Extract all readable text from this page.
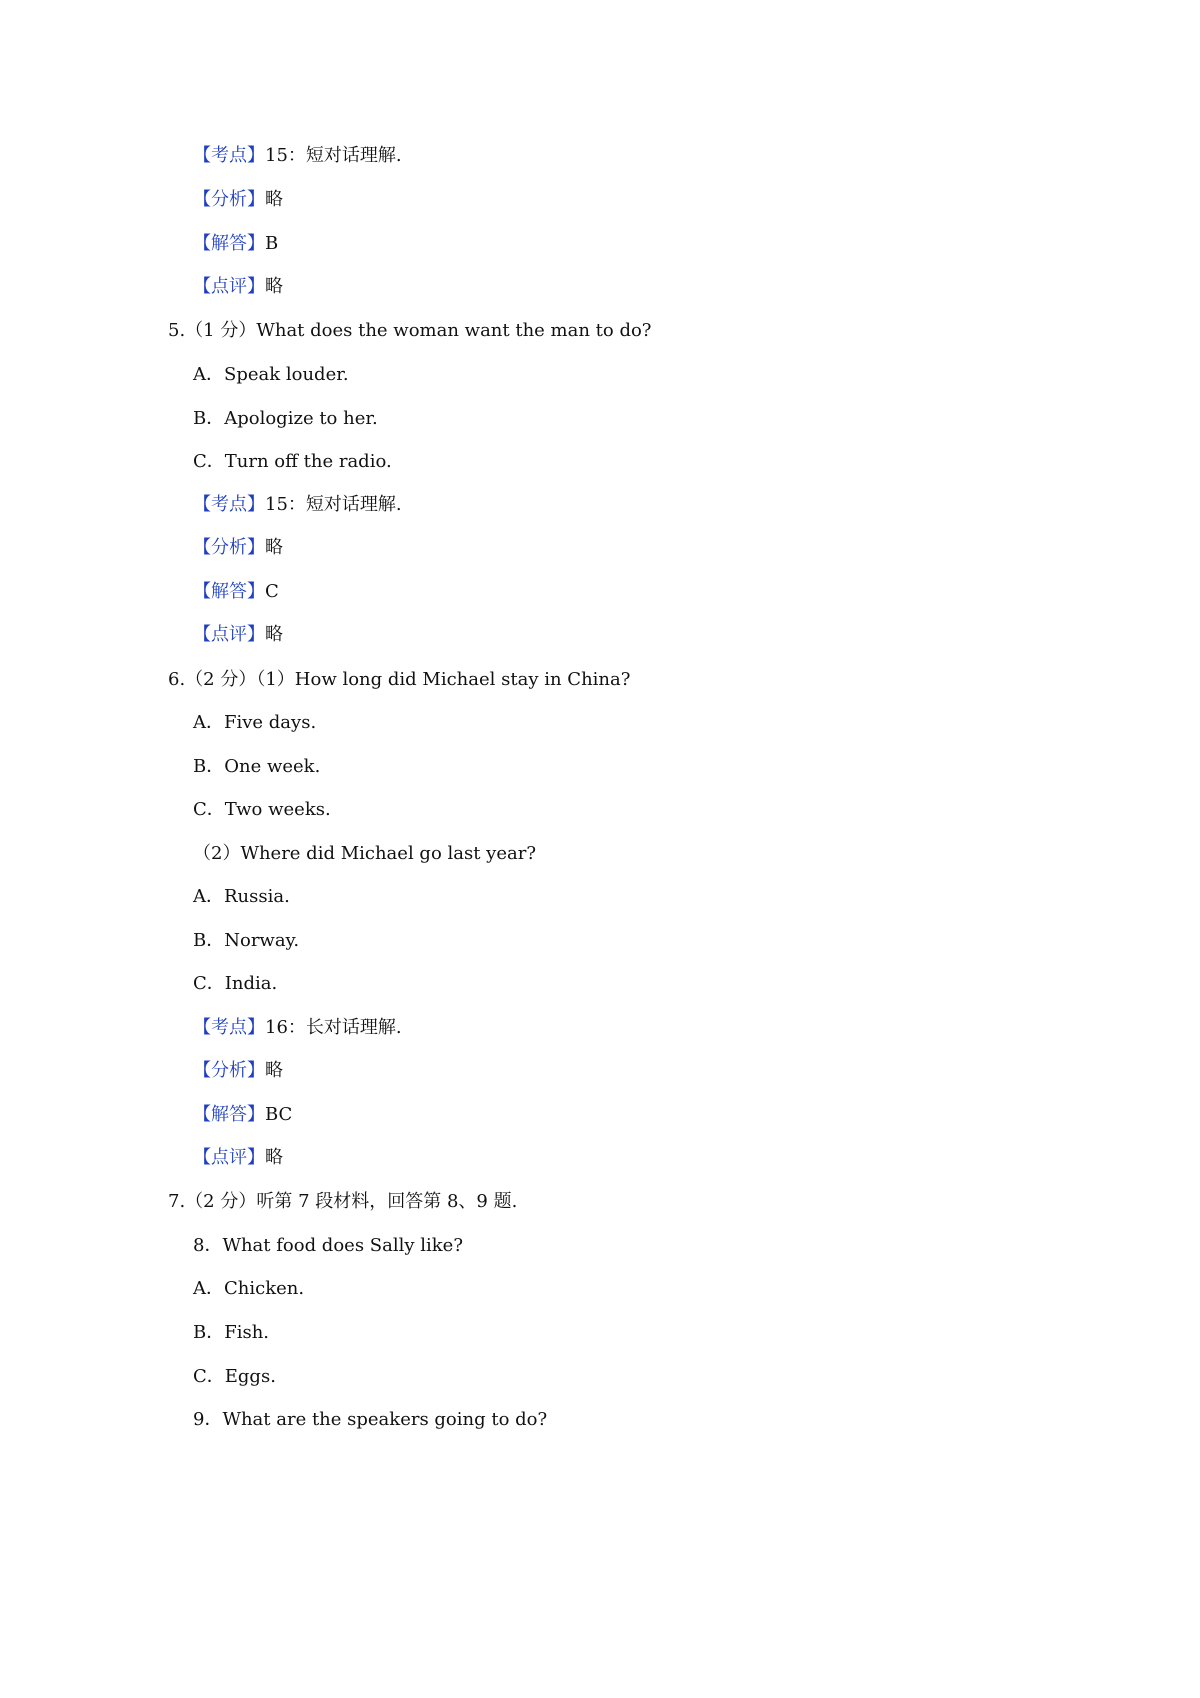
【考点】15：短对话理解.
【分析】略
【解答】B
【点评】略
5.（1 分）What does the woman want the man to do?
A．Speak louder.
B．Apologize to her.
C．Turn off the radio.
【考点】15：短对话理解.
【分析】略
【解答】C
【点评】略
6.（2 分）（1）How long did Michael stay in China?
A．Five days.
B．One week.
C．Two weeks.
（2）Where did Michael go last year?
A．Russia.
B．Norway.
C．India.
【考点】16：长对话理解.
【分析】略
【解答】BC
【点评】略
7.（2 分）听第 7 段材料，回答第 8、9 题.
8．What food does Sally like?
A．Chicken.
B．Fish.
C．Eggs.
9．What are the speakers going to do?
